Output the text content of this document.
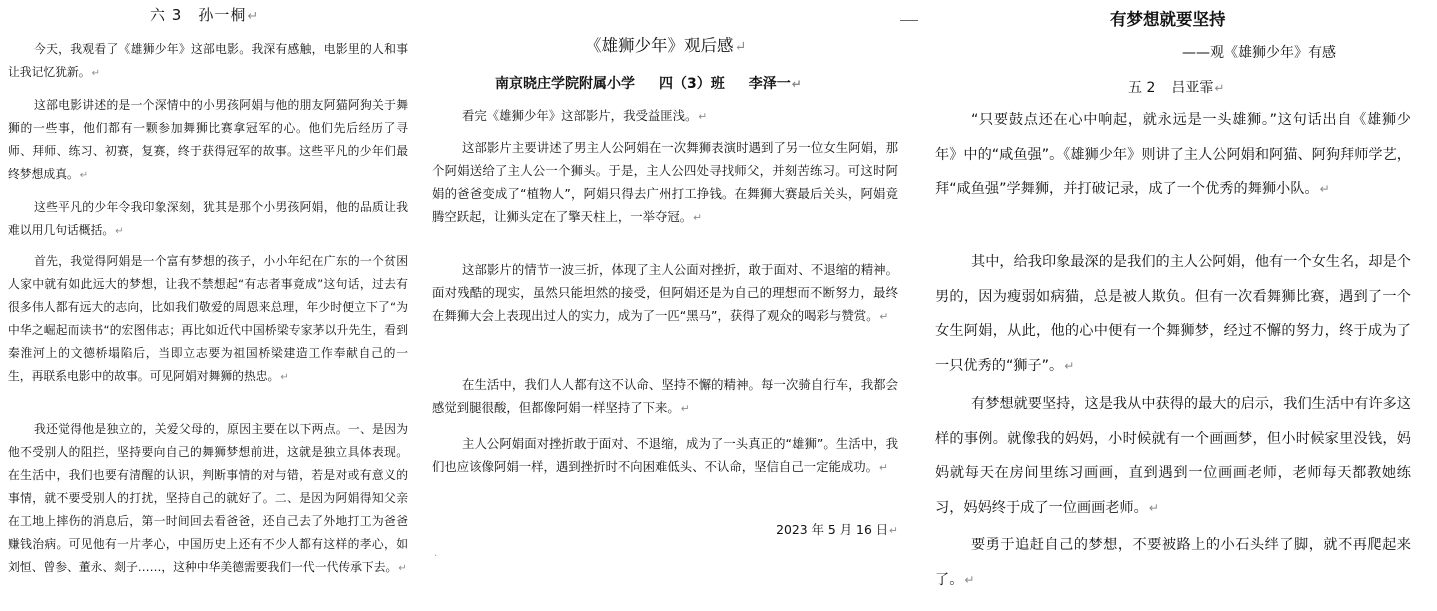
六 3 孙一桐↵

今天，我观看了《雄狮少年》这部电影。我深有感触，电影里的人和事让我记忆犹新。↵

这部电影讲述的是一个深情中的小男孩阿娟与他的朋友阿猫阿狗关于舞狮的一些事，他们都有一颗参加舞狮比赛拿冠军的心。他们先后经历了寻师、拜师、练习、初赛，复赛，终于获得冠军的故事。这些平凡的少年们最终梦想成真。↵

这些平凡的少年令我印象深刻，犹其是那个小男孩阿娟，他的品质让我难以用几句话概括。↵

首先，我觉得阿娟是一个富有梦想的孩子，小小年纪在广东的一个贫困人家中就有如此远大的梦想，让我不禁想起“有志者事竟成”这句话，过去有很多伟人都有远大的志向，比如我们敬爱的周恩来总理，年少时便立下了“为中华之崛起而读书“的宏图伟志；再比如近代中国桥梁专家茅以升先生，看到秦淮河上的文德桥塌陷后，当即立志要为祖国桥梁建造工作奉献自己的一生，再联系电影中的故事。可见阿娟对舞狮的热忠。↵

我还觉得他是独立的，关爱父母的，原因主要在以下两点。一、是因为他不受别人的阻拦，坚持要向自己的舞狮梦想前进，这就是独立具体表现。在生活中，我们也要有清醒的认识，判断事情的对与错，若是对或有意义的事情，就不要受别人的打扰，坚持自己的就好了。二、是因为阿娟得知父亲在工地上摔伤的消息后，第一时间回去看爸爸，还自己去了外地打工为爸爸赚钱治病。可见他有一片孝心，中国历史上还有不少人都有这样的孝心，如刘恒、曾参、董永、剡子……，这种中华美德需要我们一代一代传承下去。↵

《雄狮少年》观后感↵
南京晓庄学院附属小学 四（3）班 李泽一↵

看完《雄狮少年》这部影片，我受益匪浅。↵

这部影片主要讲述了男主人公阿娟在一次舞狮表演时遇到了另一位女生阿娟，那个阿娟送给了主人公一个狮头。于是，主人公四处寻找师父，并刻苦练习。可这时阿娟的爸爸变成了“植物人”，阿娟只得去广州打工挣钱。在舞狮大赛最后关头，阿娟竟腾空跃起，让狮头定在了擎天柱上，一举夺冠。↵

这部影片的情节一波三折，体现了主人公面对挫折，敢于面对、不退缩的精神。面对残酷的现实，虽然只能坦然的接受，但阿娟还是为自己的理想而不断努力，最终在舞狮大会上表现出过人的实力，成为了一匹“黑马”，获得了观众的喝彩与赞赏。↵

在生活中，我们人人都有这不认命、坚持不懈的精神。每一次骑自行车，我都会感觉到腿很酸，但都像阿娟一样坚持了下来。↵

主人公阿娟面对挫折敢于面对、不退缩，成为了一头真正的“雄狮”。生活中，我们也应该像阿娟一样，遇到挫折时不向困难低头、不认命，坚信自己一定能成功。↵

2023 年 5 月 16 日↵
.
有梦想就要坚持
——观《雄狮少年》有感
五 2 吕亚霏↵

“只要鼓点还在心中响起，就永远是一头雄狮。”这句话出自《雄狮少年》中的“咸鱼强”。《雄狮少年》则讲了主人公阿娟和阿猫、阿狗拜师学艺，拜“咸鱼强”学舞狮，并打破记录，成了一个优秀的舞狮小队。↵

其中，给我印象最深的是我们的主人公阿娟，他有一个女生名，却是个男的，因为瘦弱如病猫，总是被人欺负。但有一次看舞狮比赛，遇到了一个女生阿娟，从此，他的心中便有一个舞狮梦，经过不懈的努力，终于成为了一只优秀的“狮子”。↵

有梦想就要坚持，这是我从中获得的最大的启示，我们生活中有许多这样的事例。就像我的妈妈，小时候就有一个画画梦，但小时候家里没钱，妈妈就每天在房间里练习画画，直到遇到一位画画老师，老师每天都教她练习，妈妈终于成了一位画画老师。↵

要勇于追赶自己的梦想，不要被路上的小石头绊了脚，就不再爬起来了。↵
